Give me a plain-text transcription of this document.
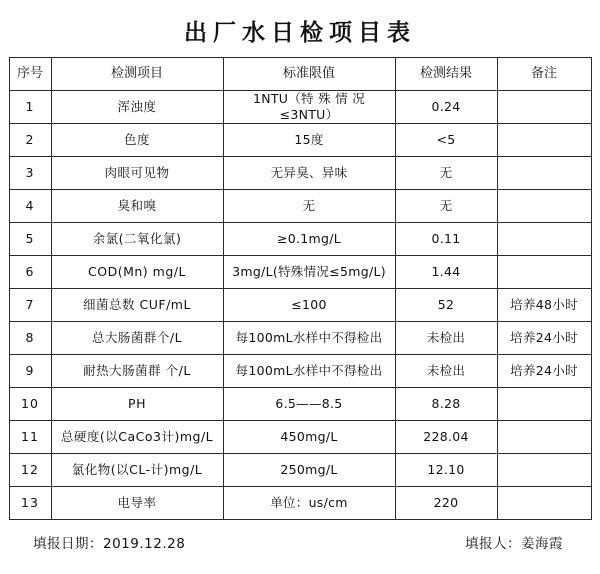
出厂水日检项目表
序号	检测项目	标准限值	检测结果	备注
1	浑浊度	1NTU（特 殊 情 况 ≤3NTU）	0.24	
2	色度	15度	<5	
3	肉眼可见物	无异臭、异味	无	
4	臭和嗅	无	无	
5	余氯(二氧化氯)	≥0.1mg/L	0.11	
6	COD(Mn) mg/L	3mg/L(特殊情况≤5mg/L)	1.44	
7	细菌总数 CUF/mL	≤100	52	培养48小时
8	总大肠菌群个/L	每100mL水样中不得检出	未检出	培养24小时
9	耐热大肠菌群 个/L	每100mL水样中不得检出	未检出	培养24小时
10	PH	6.5——8.5	8.28	
11	总硬度(以CaCo3计)mg/L	450mg/L	228.04	
12	氯化物(以CL-计)mg/L	250mg/L	12.10	
13	电导率	单位：us/cm	220	
填报日期：2019.12.28	填报人：姜海霞
